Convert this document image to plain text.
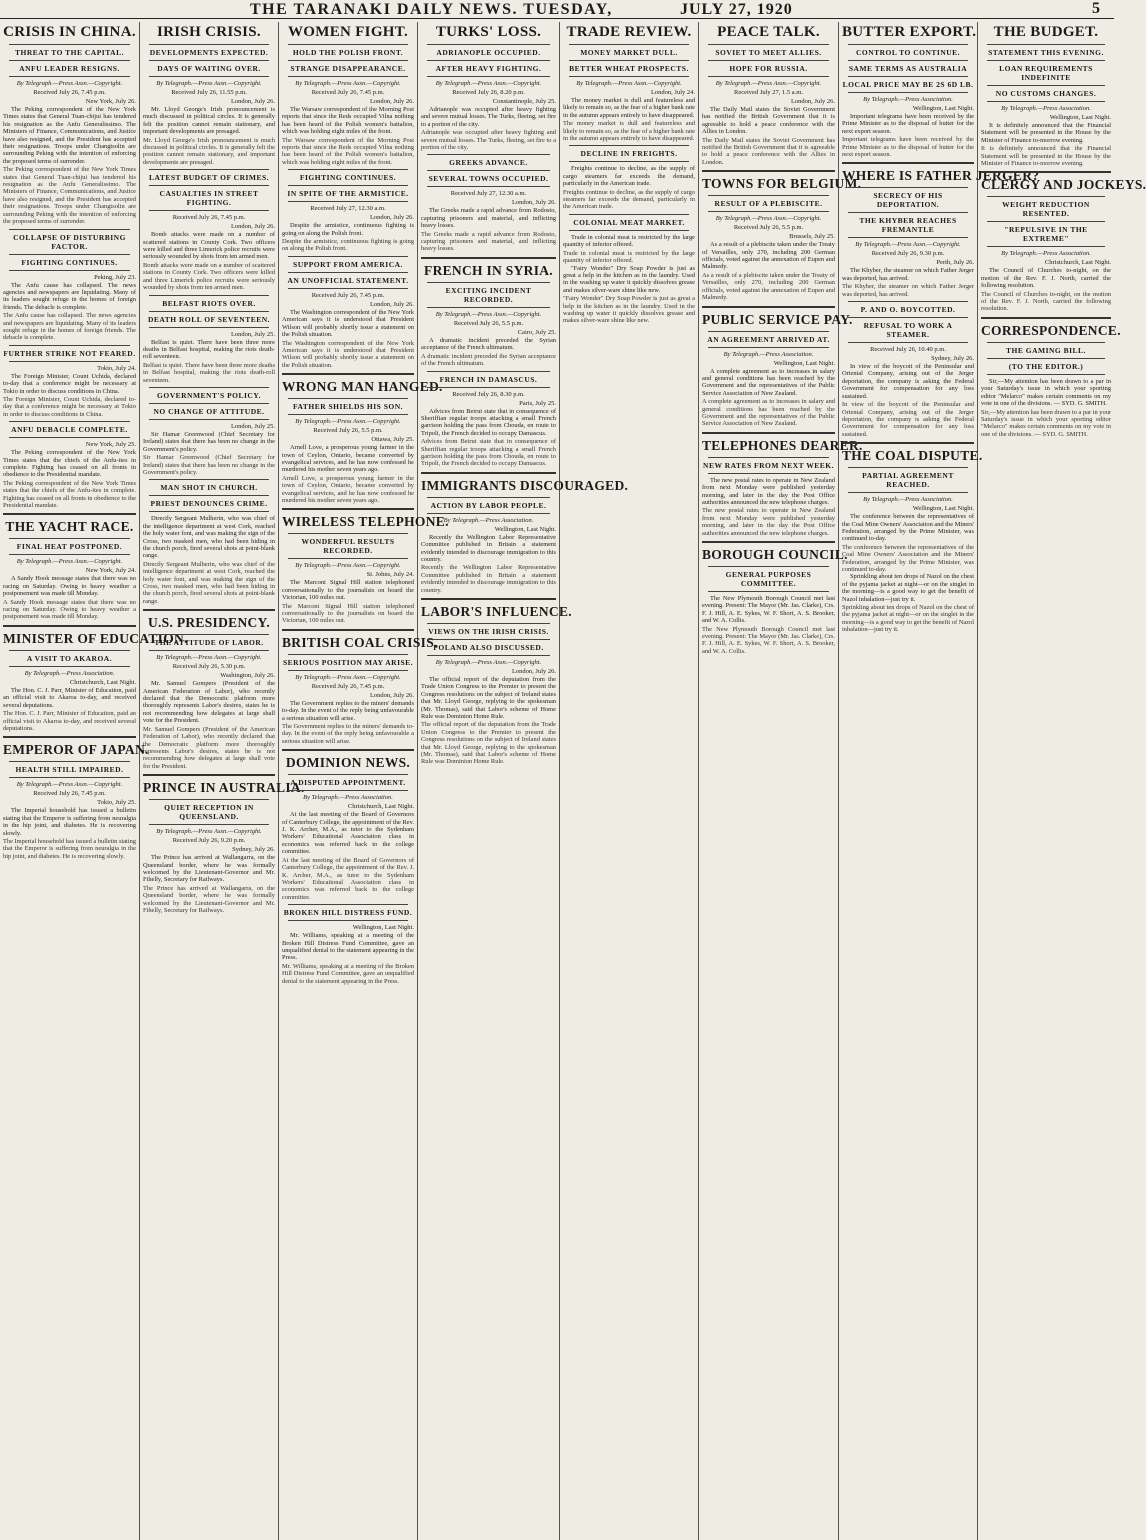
THE TARANAKI DAILY NEWS. TUESDAY,	JULY 27, 1920	5
CRISIS IN CHINA.
THREAT TO THE CAPITAL.
ANFU LEADER RESIGNS.
By Telegraph.—Press Assn.—Copyright.
Received July 26, 7.45 p.m.
New York, July 26.
The Peking correspondent of the New York Times states that General Tuan-chijui has tendered his resignation as the Anfu Generalissimo. The Ministers of Finance, Communications, and Justice have also resigned, and the President has accepted their resignations. Troops under Changtsolin are surrounding Peking with the intention of enforcing the proposed terms of surrender.
The Peking correspondent of the New York Times states that General Tuan-chijui has tendered his resignation as the Anfu Generalissimo. The Ministers of Finance, Communications, and Justice have also resigned, and the President has accepted their resignations. Troops under Changtsolin are surrounding Peking with the intention of enforcing the proposed terms of surrender.
COLLAPSE OF DISTURBING FACTOR.
FIGHTING CONTINUES.
Peking, July 23.
The Anfu cause has collapsed. The news agencies and newspapers are liquidating. Many of its leaders sought refuge in the homes of foreign friends. The debacle is complete.
The Anfu cause has collapsed. The news agencies and newspapers are liquidating. Many of its leaders sought refuge in the homes of foreign friends. The debacle is complete.
FURTHER STRIKE NOT FEARED.
Tokio, July 24.
The Foreign Minister, Count Uchida, declared to-day that a conference might be necessary at Tokio in order to discuss conditions in China.
The Foreign Minister, Count Uchida, declared to-day that a conference might be necessary at Tokio in order to discuss conditions in China.
ANFU DEBACLE COMPLETE.
New York, July 25.
The Peking correspondent of the New York Times states that the chiefs of the Anfu-ites in complete. Fighting has ceased on all fronts in obedience to the Presidential mandate.
The Peking correspondent of the New York Times states that the chiefs of the Anfu-ites in complete. Fighting has ceased on all fronts in obedience to the Presidential mandate.
THE YACHT RACE.
FINAL HEAT POSTPONED.
By Telegraph.—Press Assn.—Copyright.
New York, July 24.
A Sandy Hook message states that there was no racing on Saturday. Owing to heavy weather a postponement was made till Monday.
A Sandy Hook message states that there was no racing on Saturday. Owing to heavy weather a postponement was made till Monday.
MINISTER OF EDUCATION.
A VISIT TO AKAROA.
By Telegraph.—Press Association.
Christchurch, Last Night.
The Hon. C. J. Parr, Minister of Education, paid an official visit to Akaroa to-day, and received several deputations.
The Hon. C. J. Parr, Minister of Education, paid an official visit to Akaroa to-day, and received several deputations.
EMPEROR OF JAPAN.
HEALTH STILL IMPAIRED.
By Telegraph.—Press Assn.—Copyright.
Received July 26, 7.45 p.m.
Tokio, July 25.
The Imperial household has issued a bulletin stating that the Emperor is suffering from neuralgia in the hip joint, and diabetes. He is recovering slowly.
The Imperial household has issued a bulletin stating that the Emperor is suffering from neuralgia in the hip joint, and diabetes. He is recovering slowly.
IRISH CRISIS.
DEVELOPMENTS EXPECTED.
DAYS OF WAITING OVER.
By Telegraph.—Press Assn.—Copyright.
Received July 26, 11.55 p.m.
London, July 26.
Mr. Lloyd George's Irish pronouncement is much discussed in political circles. It is generally felt the position cannot remain stationary, and important developments are presaged.
Mr. Lloyd George's Irish pronouncement is much discussed in political circles. It is generally felt the position cannot remain stationary, and important developments are presaged.
LATEST BUDGET OF CRIMES.
CASUALTIES IN STREET FIGHTING.
Received July 26, 7.45 p.m.
London, July 26.
Bomb attacks were made on a number of scattered stations in County Cork. Two officers were killed and three Limerick police recruits were seriously wounded by shots from ten armed men.
Bomb attacks were made on a number of scattered stations in County Cork. Two officers were killed and three Limerick police recruits were seriously wounded by shots from ten armed men.
BELFAST RIOTS OVER.
DEATH ROLL OF SEVENTEEN.
London, July 25.
Belfast is quiet. There have been three more deaths in Belfast hospital, making the riots death-roll seventeen.
Belfast is quiet. There have been three more deaths in Belfast hospital, making the riots death-roll seventeen.
GOVERNMENT'S POLICY.
NO CHANGE OF ATTITUDE.
London, July 25.
Sir Hamar Greenwood (Chief Secretary for Ireland) states that there has been no change in the Government's policy.
Sir Hamar Greenwood (Chief Secretary for Ireland) states that there has been no change in the Government's policy.
MAN SHOT IN CHURCH.
PRIEST DENOUNCES CRIME.
Directly Sergeant Mulherin, who was chief of the intelligence department at west Cork, reached the holy water font, and was making the sign of the Cross, two masked men, who had been hiding in the church porch, fired several shots at point-blank range.
Directly Sergeant Mulherin, who was chief of the intelligence department at west Cork, reached the holy water font, and was making the sign of the Cross, two masked men, who had been hiding in the church porch, fired several shots at point-blank range.
U.S. PRESIDENCY.
THE ATTITUDE OF LABOR.
By Telegraph.—Press Assn.—Copyright.
Received July 26, 5.30 p.m.
Washington, July 26.
Mr. Samuel Gompers (President of the American Federation of Labor), who recently declared that the Democratic platform more thoroughly represents Labor's desires, states he is not recommending how delegates at large shall vote for the President.
Mr. Samuel Gompers (President of the American Federation of Labor), who recently declared that the Democratic platform more thoroughly represents Labor's desires, states he is not recommending how delegates at large shall vote for the President.
PRINCE IN AUSTRALIA.
QUIET RECEPTION IN QUEENSLAND.
By Telegraph.—Press Assn.—Copyright.
Received July 26, 9.20 p.m.
Sydney, July 26.
The Prince has arrived at Wallangarra, on the Queensland border, where he was formally welcomed by the Lieutenant-Governor and Mr. Fihelly, Secretary for Railways.
The Prince has arrived at Wallangarra, on the Queensland border, where he was formally welcomed by the Lieutenant-Governor and Mr. Fihelly, Secretary for Railways.
WOMEN FIGHT.
HOLD THE POLISH FRONT.
STRANGE DISAPPEARANCE.
By Telegraph.—Press Assn.—Copyright.
Received July 26, 7.45 p.m.
London, July 26.
The Warsaw correspondent of the Morning Post reports that since the Reds occupied Vilna nothing has been heard of the Polish women's battalion, which was holding eight miles of the front.
The Warsaw correspondent of the Morning Post reports that since the Reds occupied Vilna nothing has been heard of the Polish women's battalion, which was holding eight miles of the front.
FIGHTING CONTINUES.
IN SPITE OF THE ARMISTICE.
Received July 27, 12.30 a.m.
London, July 26.
Despite the armistice, continuous fighting is going on along the Polish front.
Despite the armistice, continuous fighting is going on along the Polish front.
SUPPORT FROM AMERICA.
AN UNOFFICIAL STATEMENT.
Received July 26, 7.45 p.m.
London, July 26.
The Washington correspondent of the New York American says it is understood that President Wilson will probably shortly issue a statement on the Polish situation.
The Washington correspondent of the New York American says it is understood that President Wilson will probably shortly issue a statement on the Polish situation.
WRONG MAN HANGED.
FATHER SHIELDS HIS SON.
By Telegraph.—Press Assn.—Copyright.
Received July 26, 5.5 p.m.
Ottawa, July 25.
Arnell Love, a prosperous young farmer in the town of Ceylon, Ontario, became converted by evangelical services, and he has now confessed he murdered his mother seven years ago.
Arnell Love, a prosperous young farmer in the town of Ceylon, Ontario, became converted by evangelical services, and he has now confessed he murdered his mother seven years ago.
WIRELESS TELEPHONE.
WONDERFUL RESULTS RECORDED.
By Telegraph.—Press Assn.—Copyright.
St. Johns, July 24.
The Marconi Signal Hill station telephoned conversationally to the journalists on board the Victorian, 100 miles out.
The Marconi Signal Hill station telephoned conversationally to the journalists on board the Victorian, 100 miles out.
BRITISH COAL CRISIS.
SERIOUS POSITION MAY ARISE.
By Telegraph.—Press Assn.—Copyright.
Received July 26, 7.45 p.m.
London, July 26.
The Government replies to the miners' demands to-day. In the event of the reply being unfavourable a serious situation will arise.
The Government replies to the miners' demands to-day. In the event of the reply being unfavourable a serious situation will arise.
DOMINION NEWS.
A DISPUTED APPOINTMENT.
By Telegraph.—Press Association.
Christchurch, Last Night.
At the last meeting of the Board of Governors of Canterbury College, the appointment of the Rev. J. K. Archer, M.A., as tutor to the Sydenham Workers' Educational Association class in economics was referred back to the college committee.
At the last meeting of the Board of Governors of Canterbury College, the appointment of the Rev. J. K. Archer, M.A., as tutor to the Sydenham Workers' Educational Association class in economics was referred back to the college committee.
BROKEN HILL DISTRESS FUND.
Wellington, Last Night.
Mr. Williams, speaking at a meeting of the Broken Hill Distress Fund Committee, gave an unqualified denial to the statement appearing in the Press.
Mr. Williams, speaking at a meeting of the Broken Hill Distress Fund Committee, gave an unqualified denial to the statement appearing in the Press.
TURKS' LOSS.
ADRIANOPLE OCCUPIED.
AFTER HEAVY FIGHTING.
By Telegraph.—Press Assn.—Copyright.
Received July 26, 8.20 p.m.
Constantinople, July 25.
Adrianople was occupied after heavy fighting and severe mutual losses. The Turks, fleeing, set fire to a portion of the city.
Adrianople was occupied after heavy fighting and severe mutual losses. The Turks, fleeing, set fire to a portion of the city.
GREEKS ADVANCE.
SEVERAL TOWNS OCCUPIED.
Received July 27, 12.30 a.m.
London, July 26.
The Greeks made a rapid advance from Rodosto, capturing prisoners and material, and inflicting heavy losses.
The Greeks made a rapid advance from Rodosto, capturing prisoners and material, and inflicting heavy losses.
FRENCH IN SYRIA.
EXCITING INCIDENT RECORDED.
By Telegraph.—Press Assn.—Copyright.
Received July 26, 5.5 p.m.
Cairo, July 25.
A dramatic incident preceded the Syrian acceptance of the French ultimatum.
A dramatic incident preceded the Syrian acceptance of the French ultimatum.
FRENCH IN DAMASCUS.
Received July 26, 8.30 p.m.
Paris, July 25.
Advices from Beirut state that in consequence of Sheriffian regular troops attacking a small French garrison holding the pass from Chouda, en route to Tripoli, the French decided to occupy Damascus.
Advices from Beirut state that in consequence of Sheriffian regular troops attacking a small French garrison holding the pass from Chouda, en route to Tripoli, the French decided to occupy Damascus.
IMMIGRANTS DISCOURAGED.
ACTION BY LABOR PEOPLE.
By Telegraph.—Press Association.
Wellington, Last Night.
Recently the Wellington Labor Representative Committee published in Britain a statement evidently intended to discourage immigration to this country.
Recently the Wellington Labor Representative Committee published in Britain a statement evidently intended to discourage immigration to this country.
LABOR'S INFLUENCE.
VIEWS ON THE IRISH CRISIS.
POLAND ALSO DISCUSSED.
By Telegraph.—Press Assn.—Copyright.
London, July 26.
The official report of the deputation from the Trade Union Congress to the Premier to present the Congress resolutions on the subject of Ireland states that Mr. Lloyd George, replying to the spokesman (Mr. Thomas), said that Labor's scheme of Home Rule was Dominion Home Rule.
The official report of the deputation from the Trade Union Congress to the Premier to present the Congress resolutions on the subject of Ireland states that Mr. Lloyd George, replying to the spokesman (Mr. Thomas), said that Labor's scheme of Home Rule was Dominion Home Rule.
TRADE REVIEW.
MONEY MARKET DULL.
BETTER WHEAT PROSPECTS.
By Telegraph.—Press Assn.—Copyright.
London, July 24.
The money market is dull and featureless and likely to remain so, as the fear of a higher bank rate in the autumn appears entirely to have disappeared.
The money market is dull and featureless and likely to remain so, as the fear of a higher bank rate in the autumn appears entirely to have disappeared.
DECLINE IN FREIGHTS.
Freights continue to decline, as the supply of cargo steamers far exceeds the demand, particularly in the American trade.
Freights continue to decline, as the supply of cargo steamers far exceeds the demand, particularly in the American trade.
COLONIAL MEAT MARKET.
Trade in colonial meat is restricted by the large quantity of inferior offered.
Trade in colonial meat is restricted by the large quantity of inferior offered.
"Fairy Wonder" Dry Soap Powder is just as great a help in the kitchen as in the laundry. Used in the washing up water it quickly dissolves grease and makes silver-ware shine like new.
"Fairy Wonder" Dry Soap Powder is just as great a help in the kitchen as in the laundry. Used in the washing up water it quickly dissolves grease and makes silver-ware shine like new.
PEACE TALK.
SOVIET TO MEET ALLIES.
HOPE FOR RUSSIA.
By Telegraph.—Press Assn.—Copyright.
Received July 27, 1.5 a.m.
London, July 26.
The Daily Mail states the Soviet Government has notified the British Government that it is agreeable to hold a peace conference with the Allies in London.
The Daily Mail states the Soviet Government has notified the British Government that it is agreeable to hold a peace conference with the Allies in London.
TOWNS FOR BELGIUM.
RESULT OF A PLEBISCITE.
By Telegraph.—Press Assn.—Copyright.
Received July 26, 5.5 p.m.
Brussels, July 25.
As a result of a plebiscite taken under the Treaty of Versailles, only 270, including 200 German officials, voted against the annexation of Eupen and Malmedy.
As a result of a plebiscite taken under the Treaty of Versailles, only 270, including 200 German officials, voted against the annexation of Eupen and Malmedy.
PUBLIC SERVICE PAY.
AN AGREEMENT ARRIVED AT.
By Telegraph.—Press Association.
Wellington, Last Night.
A complete agreement as to increases in salary and general conditions has been reached by the Government and the representatives of the Public Service Association of New Zealand.
A complete agreement as to increases in salary and general conditions has been reached by the Government and the representatives of the Public Service Association of New Zealand.
TELEPHONES DEARER.
NEW RATES FROM NEXT WEEK.
The new postal rates to operate in New Zealand from next Monday were published yesterday morning, and later in the day the Post Office authorities announced the new telephone charges.
The new postal rates to operate in New Zealand from next Monday were published yesterday morning, and later in the day the Post Office authorities announced the new telephone charges.
BOROUGH COUNCIL.
GENERAL PURPOSES COMMITTEE.
The New Plymouth Borough Council met last evening. Present: The Mayor (Mr. Jas. Clarke), Crs. F. J. Hill, A. E. Sykes, W. F. Short, A. S. Brooker, and W. A. Collis.
The New Plymouth Borough Council met last evening. Present: The Mayor (Mr. Jas. Clarke), Crs. F. J. Hill, A. E. Sykes, W. F. Short, A. S. Brooker, and W. A. Collis.
BUTTER EXPORT.
CONTROL TO CONTINUE.
SAME TERMS AS AUSTRALIA
LOCAL PRICE MAY BE 2S 6D LB.
By Telegraph.—Press Association.
Wellington, Last Night.
Important telegrams have been received by the Prime Minister as to the disposal of butter for the next export season.
Important telegrams have been received by the Prime Minister as to the disposal of butter for the next export season.
WHERE IS FATHER JERGER?
SECRECY OF HIS DEPORTATION.
THE KHYBER REACHES FREMANTLE
By Telegraph.—Press Assn.—Copyright.
Received July 26, 9.30 p.m.
Perth, July 26.
The Khyber, the steamer on which Father Jerger was deported, has arrived.
The Khyber, the steamer on which Father Jerger was deported, has arrived.
P. AND O. BOYCOTTED.
REFUSAL TO WORK A STEAMER.
Received July 26, 10.40 p.m.
Sydney, July 26.
In view of the boycott of the Peninsular and Oriental Company, arising out of the Jerger deportation, the company is asking the Federal Government for compensation for any loss sustained.
In view of the boycott of the Peninsular and Oriental Company, arising out of the Jerger deportation, the company is asking the Federal Government for compensation for any loss sustained.
THE COAL DISPUTE.
PARTIAL AGREEMENT REACHED.
By Telegraph.—Press Association.
Wellington, Last Night.
The conference between the representatives of the Coal Mine Owners' Association and the Miners' Federation, arranged by the Prime Minister, was continued to-day.
The conference between the representatives of the Coal Mine Owners' Association and the Miners' Federation, arranged by the Prime Minister, was continued to-day.
Sprinkling about ten drops of Nazol on the chest of the pyjama jacket at night—or on the singlet in the morning—is a good way to get the benefit of Nazol inhalation—just try it.
Sprinkling about ten drops of Nazol on the chest of the pyjama jacket at night—or on the singlet in the morning—is a good way to get the benefit of Nazol inhalation—just try it.
THE BUDGET.
STATEMENT THIS EVENING.
LOAN REQUIREMENTS INDEFINITE
NO CUSTOMS CHANGES.
By Telegraph.—Press Association.
Wellington, Last Night.
It is definitely announced that the Financial Statement will be presented in the House by the Minister of Finance to-morrow evening.
It is definitely announced that the Financial Statement will be presented in the House by the Minister of Finance to-morrow evening.
CLERGY AND JOCKEYS.
WEIGHT REDUCTION RESENTED.
"REPULSIVE IN THE EXTREME"
By Telegraph.—Press Association.
Christchurch, Last Night.
The Council of Churches to-night, on the motion of the Rev. F. J. North, carried the following resolution.
The Council of Churches to-night, on the motion of the Rev. F. J. North, carried the following resolution.
CORRESPONDENCE.
THE GAMING BILL.
(TO THE EDITOR.)
Sir,—My attention has been drawn to a par in your Saturday's issue in which your sporting editor "Melarco" makes certain comments on my vote in one of the divisions. — SYD. G. SMITH.
Sir,—My attention has been drawn to a par in your Saturday's issue in which your sporting editor "Melarco" makes certain comments on my vote in one of the divisions. — SYD. G. SMITH.
